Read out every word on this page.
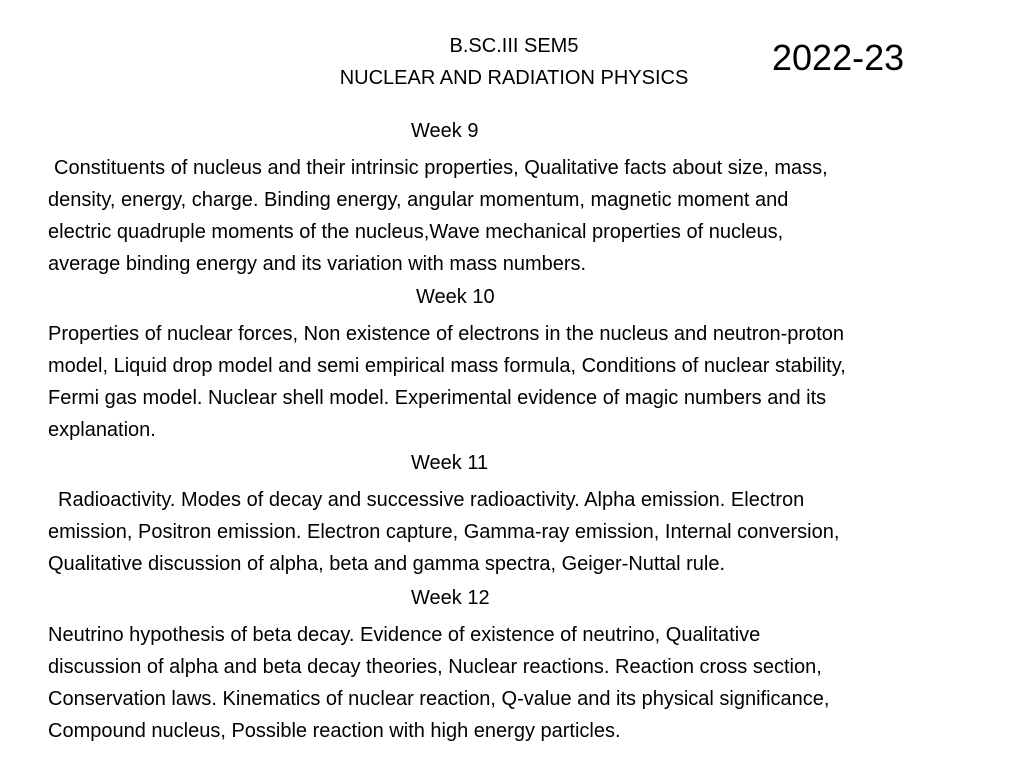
B.SC.III SEM5
NUCLEAR AND RADIATION PHYSICS	2022-23
Week 9
Constituents of nucleus and their intrinsic properties, Qualitative facts about size, mass,
density, energy, charge. Binding energy, angular momentum, magnetic moment and
electric quadruple moments of the nucleus,Wave mechanical properties of nucleus,
average binding energy and its variation with mass numbers.
Week 10
Properties of nuclear forces, Non existence of electrons in the nucleus and neutron-proton
model, Liquid drop model and semi empirical mass formula, Conditions of nuclear stability,
Fermi gas model. Nuclear shell model. Experimental evidence of magic numbers and its
explanation.
Week 11
Radioactivity. Modes of decay and successive radioactivity. Alpha emission. Electron
emission, Positron emission. Electron capture, Gamma-ray emission, Internal conversion,
Qualitative discussion of alpha, beta and gamma spectra, Geiger-Nuttal rule.
Week 12
Neutrino hypothesis of beta decay. Evidence of existence of neutrino, Qualitative
discussion of alpha and beta decay theories, Nuclear reactions. Reaction cross section,
Conservation laws. Kinematics of nuclear reaction, Q-value and its physical significance,
Compound nucleus, Possible reaction with high energy particles.
